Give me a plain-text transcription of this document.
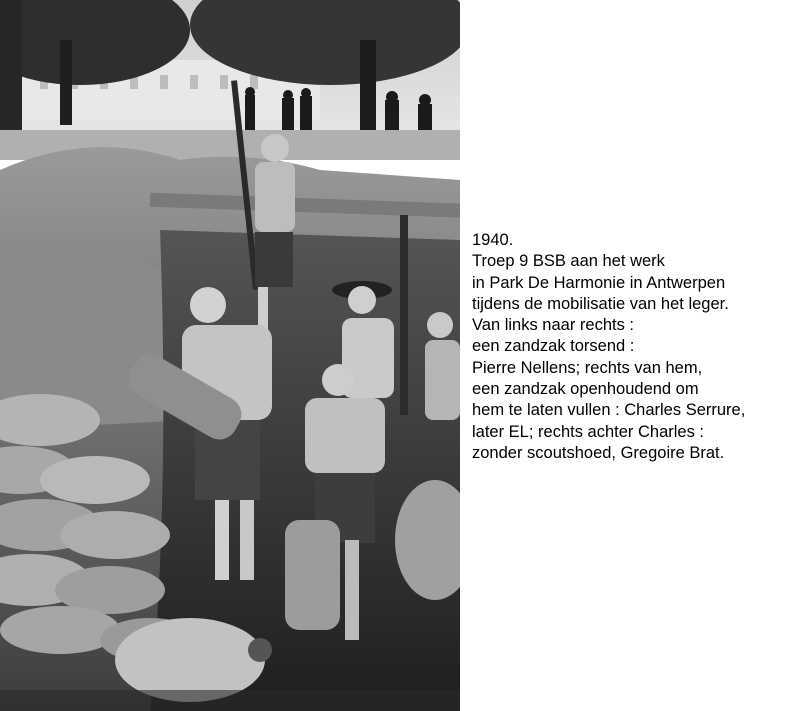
1940.
Troep 9 BSB aan het werk
in Park De Harmonie in Antwerpen
tijdens de mobilisatie van het leger.
Van links naar rechts :
een zandzak torsend :
Pierre Nellens; rechts van hem,
een zandzak openhoudend om
hem te laten vullen : Charles Serrure,
later EL; rechts achter Charles :
zonder scoutshoed, Gregoire Brat.
